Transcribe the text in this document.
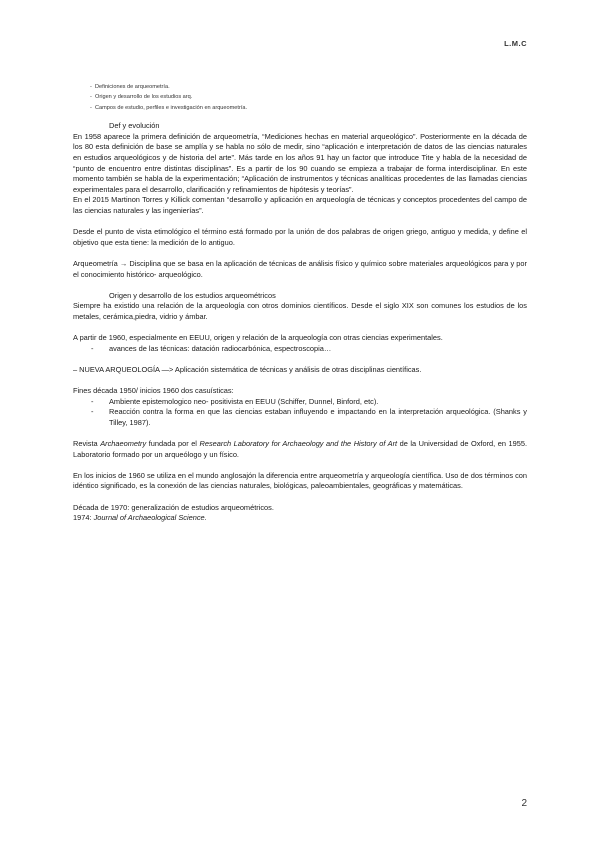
L.M.C
- Definiciones de arqueometría.
- Origen y desarrollo de los estudios arq.
- Campos de estudio, perfiles e investigación en arqueometría.
Def y evolución

En 1958 aparece la primera definición de arqueometría, “Mediciones hechas en material arqueológico”. Posteriormente en la década de los 80 esta definición de base se amplía y se habla no sólo de medir, sino “aplicación e interpretación de datos de las ciencias naturales en estudios arqueológicos y de historia del arte”. Más tarde en los años 91 hay un factor que introduce Tite y habla de la necesidad de “punto de encuentro entre distintas disciplinas”. Es a partir de los 90 cuando se empieza a trabajar de forma interdisciplinar. En este momento también se habla de la experimentación; “Aplicación de instrumentos y técnicas analíticas procedentes de las llamadas ciencias experimentales para el desarrollo, clarificación y refinamientos de hipótesis y teorías”.

En el 2015 Martinon Torres y Killick comentan “desarrollo y aplicación en arqueología de técnicas y conceptos procedentes del campo de las ciencias naturales y las ingenierías”.

Desde el punto de vista etimológico el término está formado por la unión de dos palabras de origen griego, antiguo y medida, y define el objetivo que esta tiene: la medición de lo antiguo.

Arqueometría → Disciplina que se basa en la aplicación de técnicas de análisis físico y químico sobre materiales arqueológicos para y por el conocimiento histórico- arqueológico.

Origen y desarrollo de los estudios arqueométricos

Siempre ha existido una relación de la arqueología con otros dominios científicos. Desde el siglo XIX son comunes los estudios de los metales, cerámica,piedra, vidrio y ámbar.

A partir de 1960, especialmente en EEUU, origen y relación de la arqueología con otras ciencias experimentales.

- avances de las técnicas: datación radiocarbónica, espectroscopia…

– NUEVA ARQUEOLOGÍA —> Aplicación sistemática de técnicas y análisis de otras disciplinas científicas.

Fines década 1950/ inicios 1960 dos casuísticas:

- Ambiente epistemologico neo- positivista en EEUU (Schiffer, Dunnel, Binford, etc).
- Reacción contra la forma en que las ciencias estaban influyendo e impactando en la interpretación arqueológica. (Shanks y Tilley, 1987).

Revista Archaeometry fundada por el Research Laboratory for Archaeology and the History of Art de la Universidad de Oxford, en 1955. Laboratorio formado por un arqueólogo y un físico.

En los inicios de 1960 se utiliza en el mundo anglosajón la diferencia entre arqueometría y arqueología científica. Uso de dos términos con idéntico significado, es la conexión de las ciencias naturales, biológicas, paleoambientales, geográficas y matemáticas.

Década de 1970: generalización de estudios arqueométricos.

1974: Journal of Archaeological Science.

2
